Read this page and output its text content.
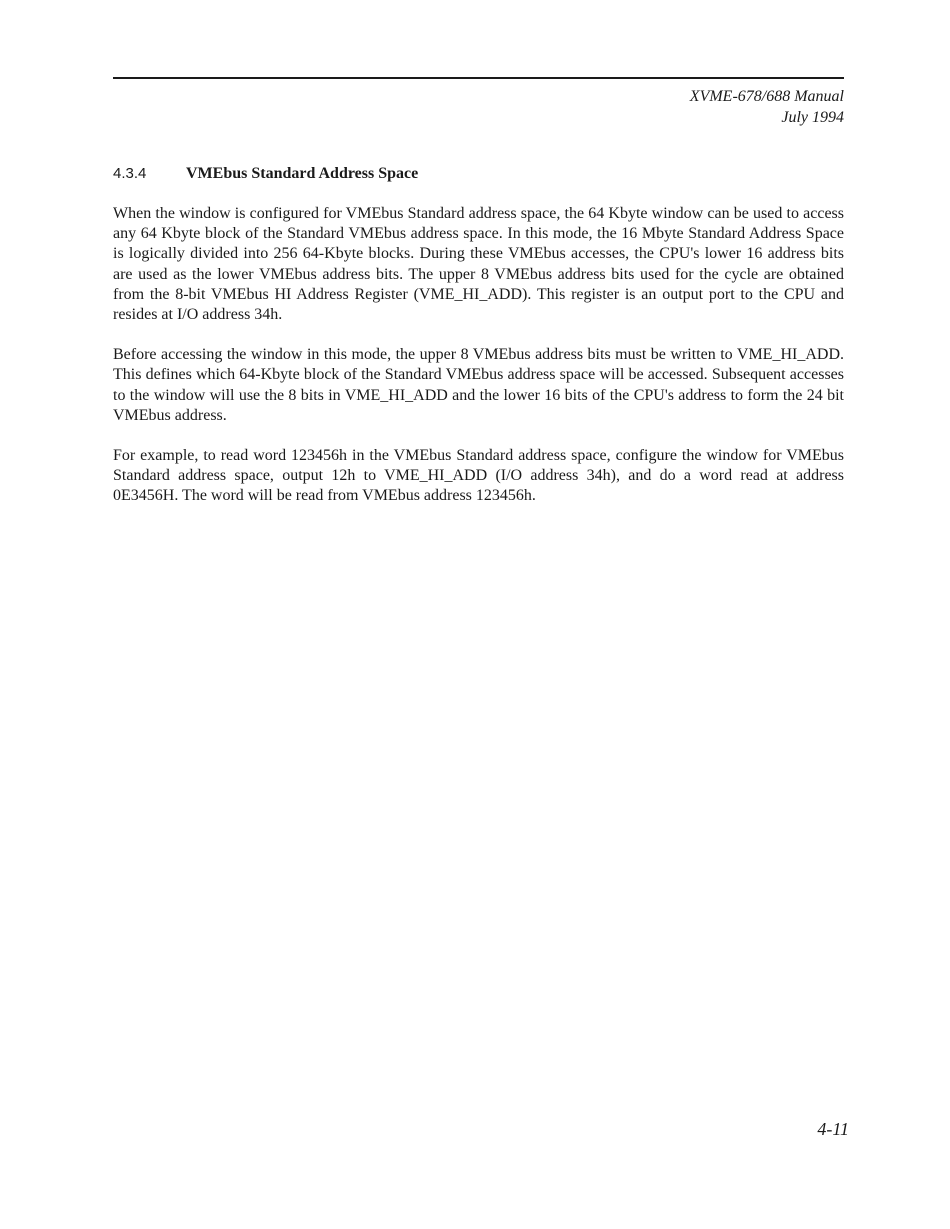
XVME-678/688 Manual
July 1994
4.3.4 VMEbus Standard Address Space

When the window is configured for VMEbus Standard address space, the 64 Kbyte window can be used to access any 64 Kbyte block of the Standard VMEbus address space. In this mode, the 16 Mbyte Standard Address Space is logically divided into 256 64-Kbyte blocks. During these VMEbus accesses, the CPU's lower 16 address bits are used as the lower VMEbus address bits. The upper 8 VMEbus address bits used for the cycle are obtained from the 8-bit VMEbus HI Address Register (VME_HI_ADD). This register is an output port to the CPU and resides at I/O address 34h.

Before accessing the window in this mode, the upper 8 VMEbus address bits must be written to VME_HI_ADD. This defines which 64-Kbyte block of the Standard VMEbus address space will be accessed. Subsequent accesses to the window will use the 8 bits in VME_HI_ADD and the lower 16 bits of the CPU's address to form the 24 bit VMEbus address.

For example, to read word 123456h in the VMEbus Standard address space, configure the window for VMEbus Standard address space, output 12h to VME_HI_ADD (I/O address 34h), and do a word read at address 0E3456H. The word will be read from VMEbus address 123456h.

4-11
